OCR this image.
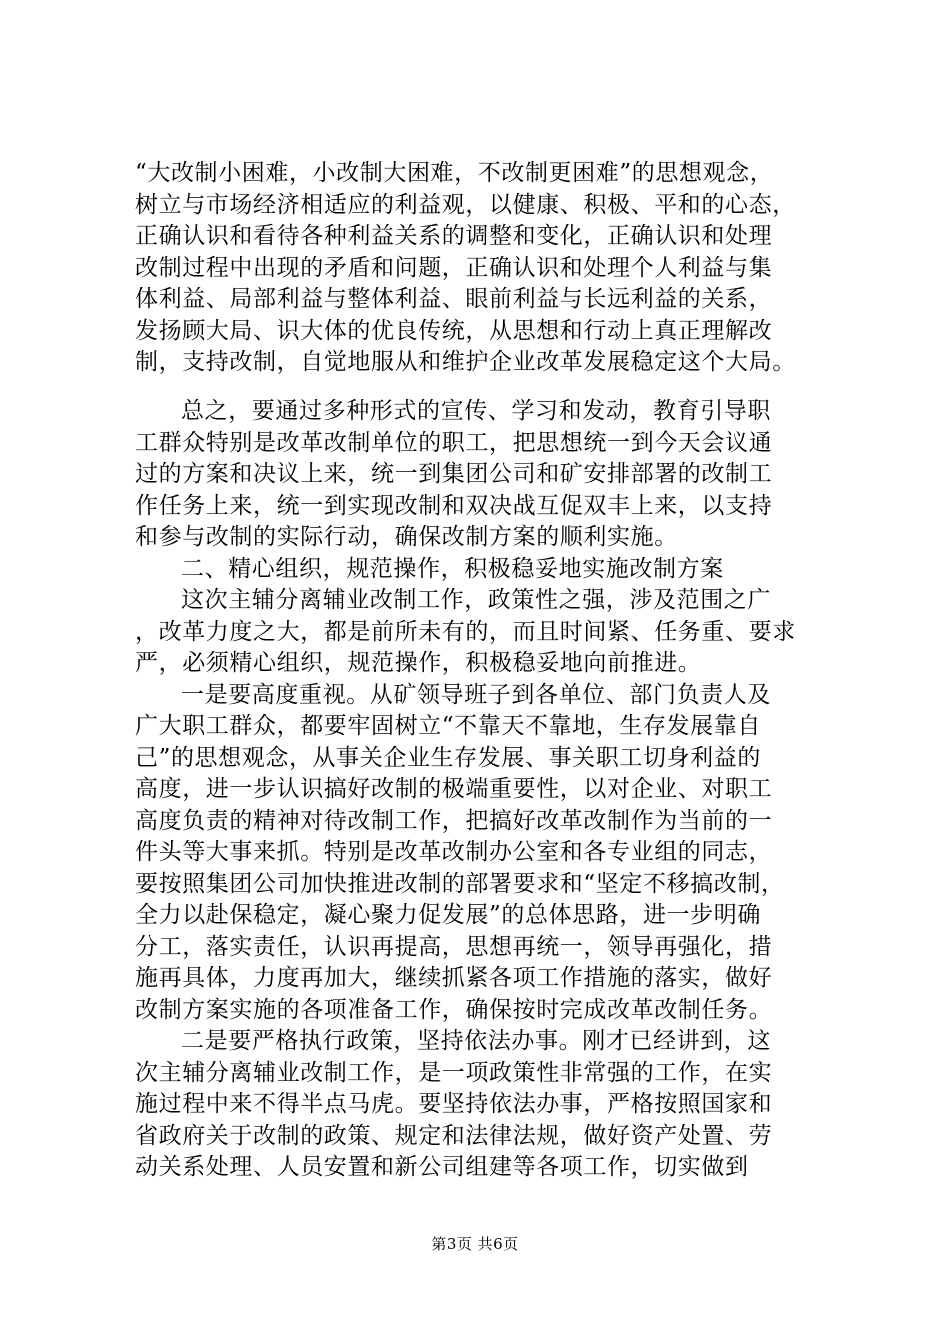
“大改制小困难，小改制大困难，不改制更困难”的思想观念，
树立与市场经济相适应的利益观，以健康、积极、平和的心态，
正确认识和看待各种利益关系的调整和变化，正确认识和处理
改制过程中出现的矛盾和问题，正确认识和处理个人利益与集
体利益、局部利益与整体利益、眼前利益与长远利益的关系，
发扬顾大局、识大体的优良传统，从思想和行动上真正理解改
制，支持改制，自觉地服从和维护企业改革发展稳定这个大局。
总之，要通过多种形式的宣传、学习和发动，教育引导职
工群众特别是改革改制单位的职工，把思想统一到今天会议通
过的方案和决议上来，统一到集团公司和矿安排部署的改制工
作任务上来，统一到实现改制和双决战互促双丰上来，以支持
和参与改制的实际行动，确保改制方案的顺利实施。
二、精心组织，规范操作，积极稳妥地实施改制方案
这次主辅分离辅业改制工作，政策性之强，涉及范围之广
，改革力度之大，都是前所未有的，而且时间紧、任务重、要求
严，必须精心组织，规范操作，积极稳妥地向前推进。
一是要高度重视。从矿领导班子到各单位、部门负责人及
广大职工群众，都要牢固树立“不靠天不靠地，生存发展靠自
己”的思想观念，从事关企业生存发展、事关职工切身利益的
高度，进一步认识搞好改制的极端重要性，以对企业、对职工
高度负责的精神对待改制工作，把搞好改革改制作为当前的一
件头等大事来抓。特别是改革改制办公室和各专业组的同志，
要按照集团公司加快推进改制的部署要求和“坚定不移搞改制，
全力以赴保稳定，凝心聚力促发展”的总体思路，进一步明确
分工，落实责任，认识再提高，思想再统一，领导再强化，措
施再具体，力度再加大，继续抓紧各项工作措施的落实，做好
改制方案实施的各项准备工作，确保按时完成改革改制任务。
二是要严格执行政策，坚持依法办事。刚才已经讲到，这
次主辅分离辅业改制工作，是一项政策性非常强的工作，在实
施过程中来不得半点马虎。要坚持依法办事，严格按照国家和
省政府关于改制的政策、规定和法律法规，做好资产处置、劳
动关系处理、人员安置和新公司组建等各项工作，切实做到
第3页 共6页
